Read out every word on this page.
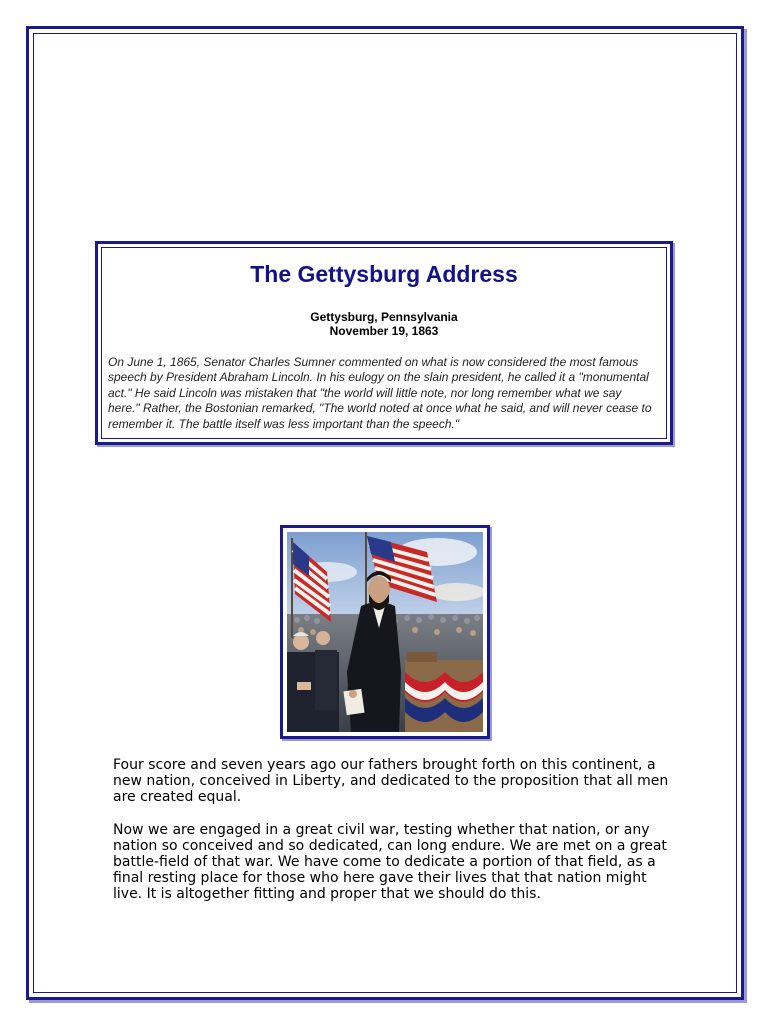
The Gettysburg Address
Gettysburg, Pennsylvania
November 19, 1863

On June 1, 1865, Senator Charles Sumner commented on what is now considered the most famous speech by President Abraham Lincoln. In his eulogy on the slain president, he called it a "monumental act." He said Lincoln was mistaken that "the world will little note, nor long remember what we say here." Rather, the Bostonian remarked, "The world noted at once what he said, and will never cease to remember it. The battle itself was less important than the speech."

Four score and seven years ago our fathers brought forth on this continent, a new nation, conceived in Liberty, and dedicated to the proposition that all men are created equal.

Now we are engaged in a great civil war, testing whether that nation, or any nation so conceived and so dedicated, can long endure. We are met on a great battle-field of that war. We have come to dedicate a portion of that field, as a final resting place for those who here gave their lives that that nation might live. It is altogether fitting and proper that we should do this.
